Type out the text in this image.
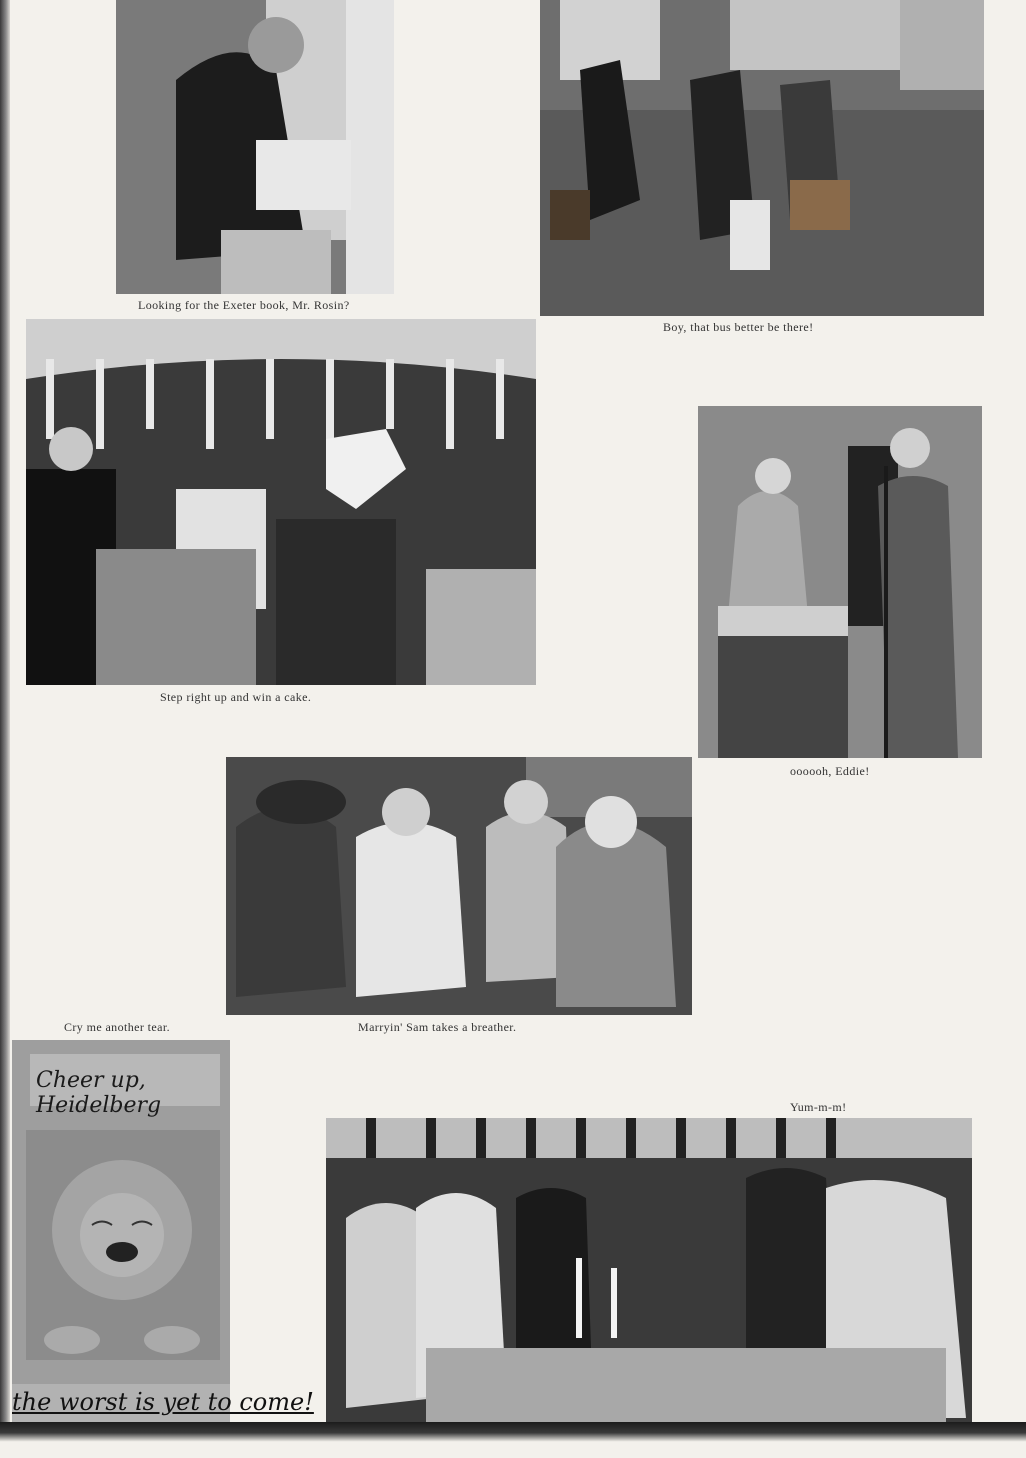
Looking for the Exeter book, Mr. Rosin?
Boy, that bus better be there!
Step right up and win a cake.
oooooh, Eddie!
Cry me another tear.	Marryin' Sam takes a breather.
Cheer up, Heidelberg
the worst is yet to come!
Yum-m-m!
